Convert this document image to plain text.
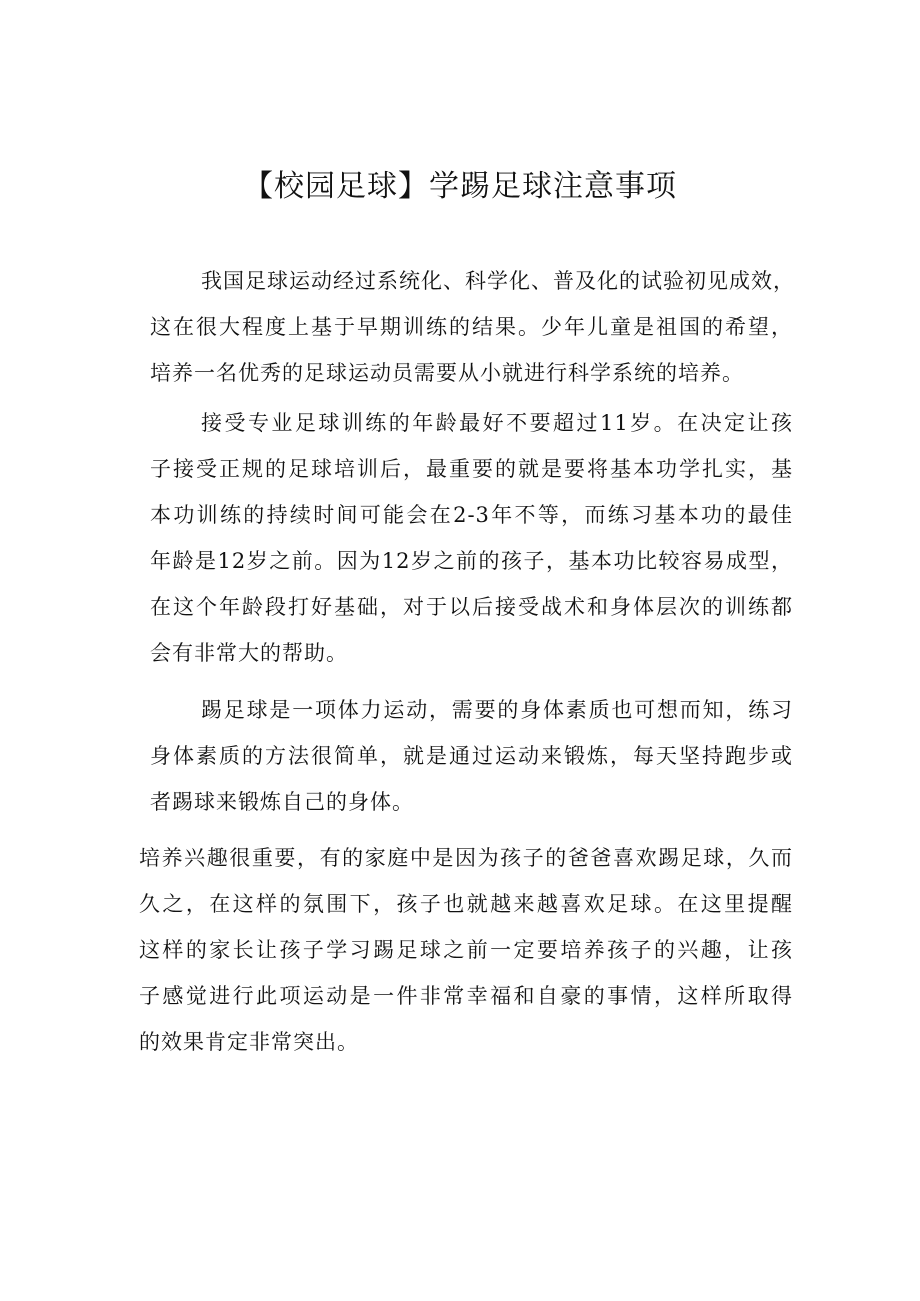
【校园足球】学踢足球注意事项
我国足球运动经过系统化、科学化、普及化的试验初见成效，
这在很大程度上基于早期训练的结果。少年儿童是祖国的希望，
培养一名优秀的足球运动员需要从小就进行科学系统的培养。
接受专业足球训练的年龄最好不要超过11岁。在决定让孩
子接受正规的足球培训后，最重要的就是要将基本功学扎实，基
本功训练的持续时间可能会在2-3年不等，而练习基本功的最佳
年龄是12岁之前。因为12岁之前的孩子，基本功比较容易成型，
在这个年龄段打好基础，对于以后接受战术和身体层次的训练都
会有非常大的帮助。
踢足球是一项体力运动，需要的身体素质也可想而知，练习
身体素质的方法很简单，就是通过运动来锻炼，每天坚持跑步或
者踢球来锻炼自己的身体。
培养兴趣很重要，有的家庭中是因为孩子的爸爸喜欢踢足球，久而
久之，在这样的氛围下，孩子也就越来越喜欢足球。在这里提醒
这样的家长让孩子学习踢足球之前一定要培养孩子的兴趣，让孩
子感觉进行此项运动是一件非常幸福和自豪的事情，这样所取得
的效果肯定非常突出。
